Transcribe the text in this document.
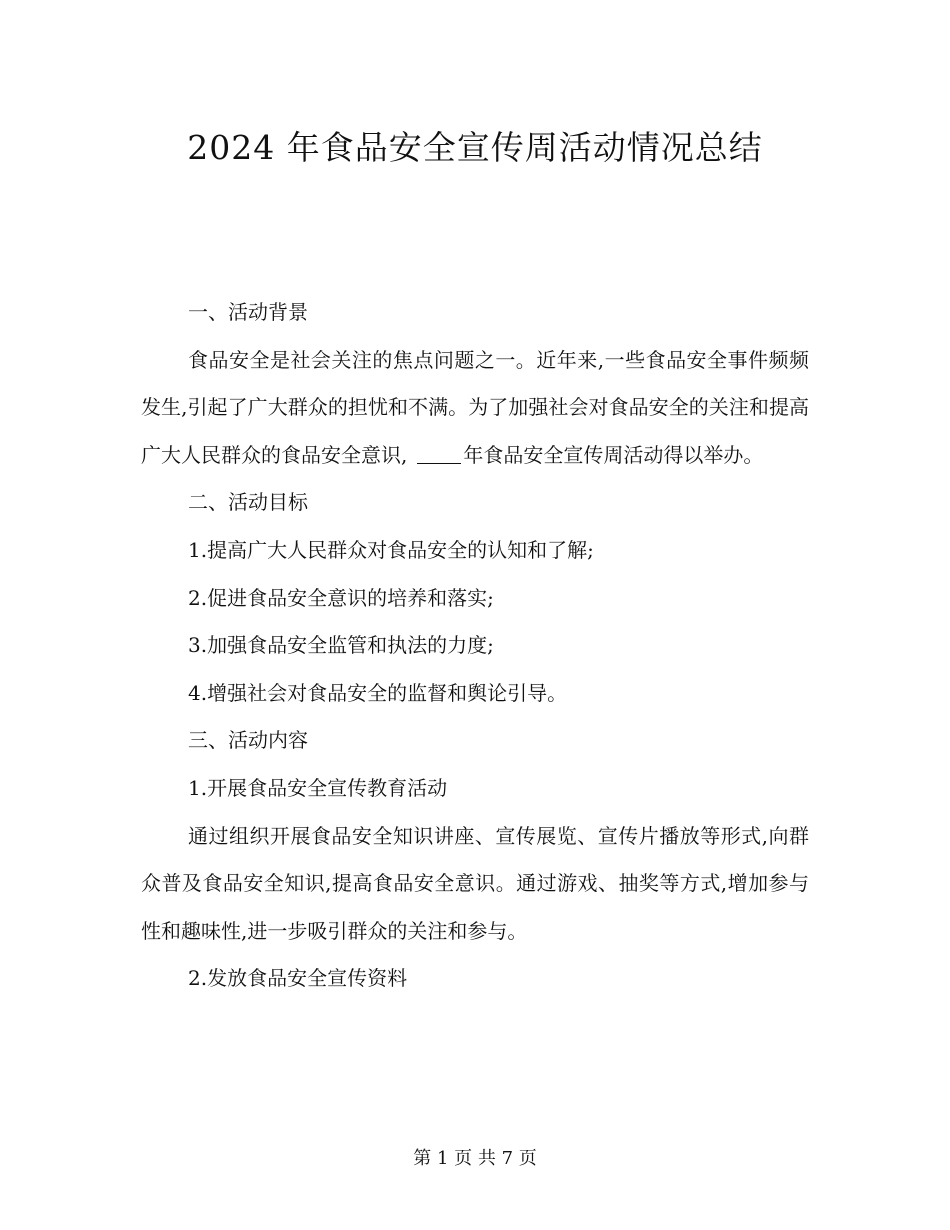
2024 年食品安全宣传周活动情况总结

一、活动背景

食品安全是社会关注的焦点问题之一。近年来,一些食品安全事件频频发生,引起了广大群众的担忧和不满。为了加强社会对食品安全的关注和提高广大人民群众的食品安全意识,	年食品安全宣传周活动得以举办。

二、活动目标

1.提高广大人民群众对食品安全的认知和了解;

2.促进食品安全意识的培养和落实;

3.加强食品安全监管和执法的力度;

4.增强社会对食品安全的监督和舆论引导。

三、活动内容

1.开展食品安全宣传教育活动

通过组织开展食品安全知识讲座、宣传展览、宣传片播放等形式,向群众普及食品安全知识,提高食品安全意识。通过游戏、抽奖等方式,增加参与性和趣味性,进一步吸引群众的关注和参与。

2.发放食品安全宣传资料

第 1 页 共 7 页
